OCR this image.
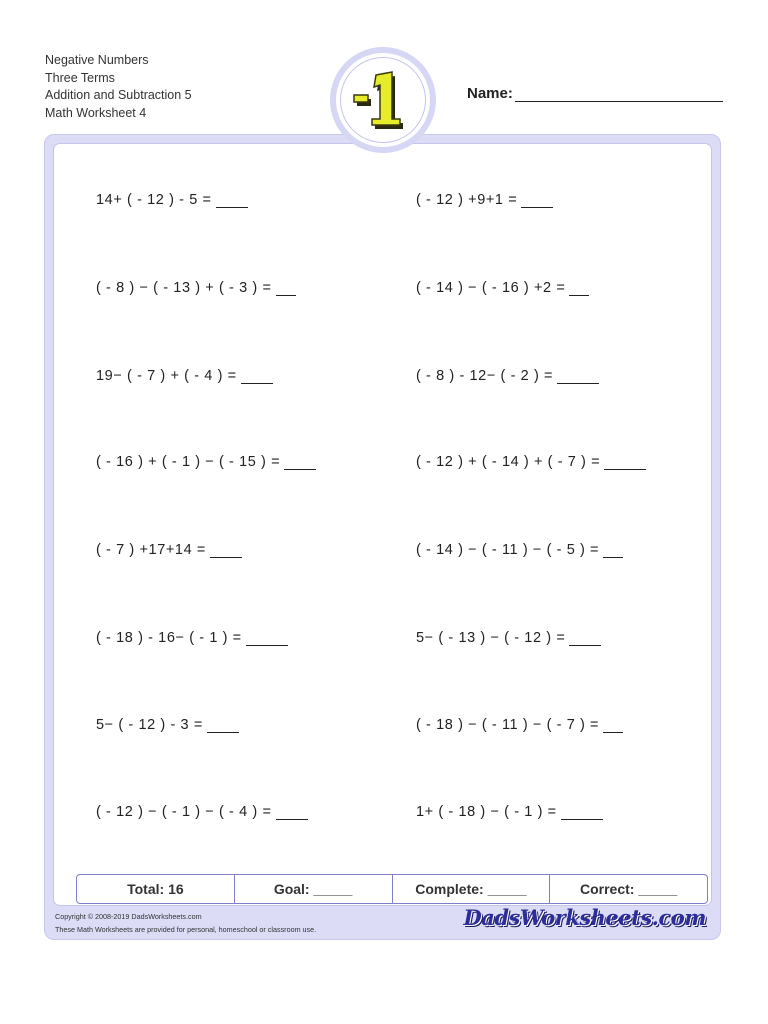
Negative Numbers
Three Terms
Addition and Subtraction 5
Math Worksheet 4
Name:
14+ ( - 12 ) - 5 =	( - 12 ) +9+1 =
( - 8 ) − ( - 13 ) + ( - 3 ) =	( - 14 ) − ( - 16 ) +2 =
19− ( - 7 ) + ( - 4 ) =	( - 8 ) - 12− ( - 2 ) =
( - 16 ) + ( - 1 ) − ( - 15 ) =	( - 12 ) + ( - 14 ) + ( - 7 ) =
( - 7 ) +17+14 =	( - 14 ) − ( - 11 ) − ( - 5 ) =
( - 18 ) - 16− ( - 1 ) =	5− ( - 13 ) − ( - 12 ) =
5− ( - 12 ) - 3 =	( - 18 ) − ( - 11 ) − ( - 7 ) =
( - 12 ) − ( - 1 ) − ( - 4 ) =	1+ ( - 18 ) − ( - 1 ) =
Total: 16	Goal: _____	Complete: _____	Correct: _____
Copyright © 2008-2019 DadsWorksheets.com
These Math Worksheets are provided for personal, homeschool or classroom use.	DadsWorksheets.com
